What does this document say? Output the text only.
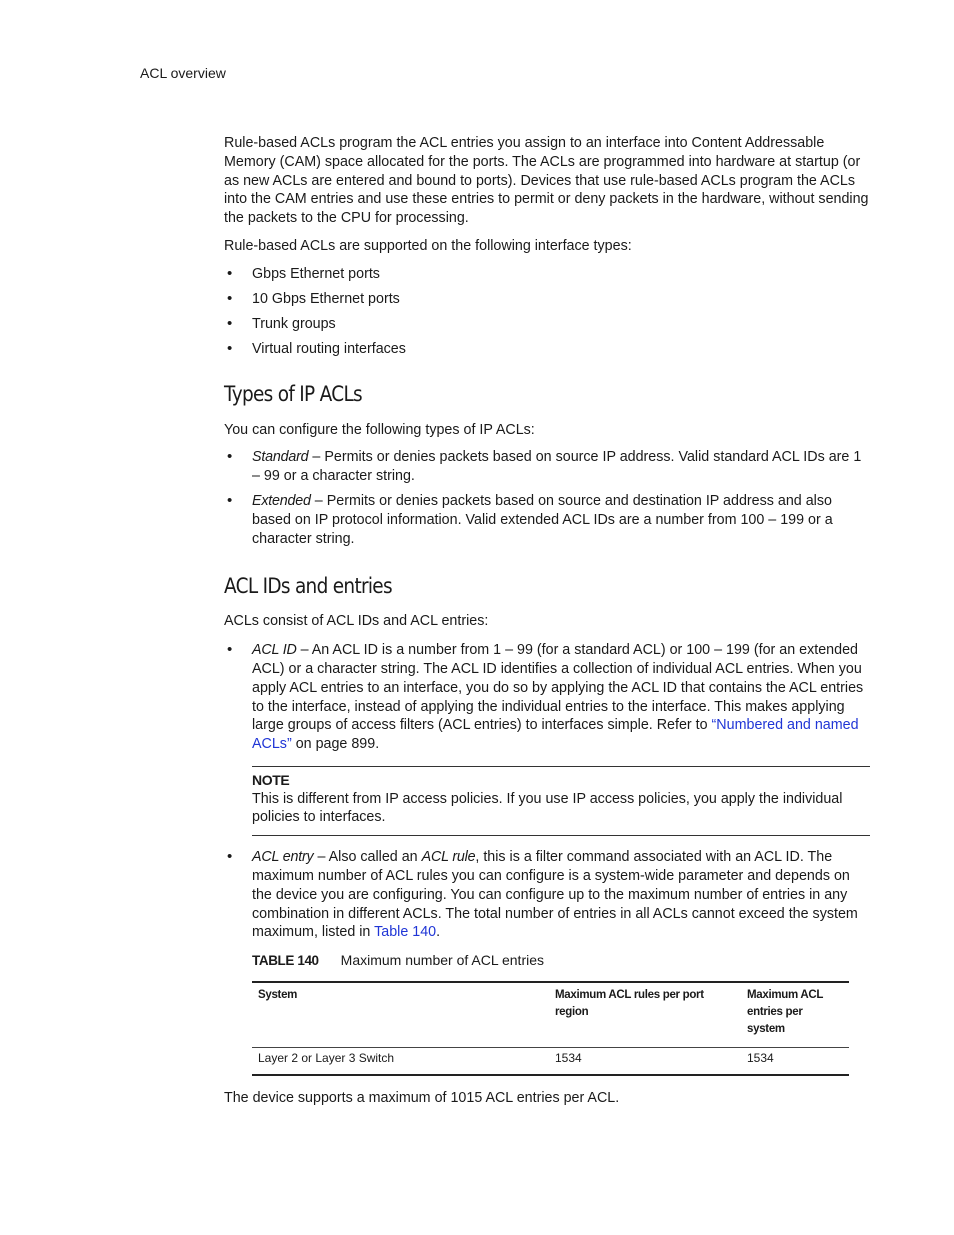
ACL overview

Rule-based ACLs program the ACL entries you assign to an interface into Content Addressable Memory (CAM) space allocated for the ports. The ACLs are programmed into hardware at startup (or as new ACLs are entered and bound to ports). Devices that use rule-based ACLs program the ACLs into the CAM entries and use these entries to permit or deny packets in the hardware, without sending the packets to the CPU for processing.

Rule-based ACLs are supported on the following interface types:

• Gbps Ethernet ports
• 10 Gbps Ethernet ports
• Trunk groups
• Virtual routing interfaces
Types of IP ACLs

You can configure the following types of IP ACLs:

• Standard – Permits or denies packets based on source IP address. Valid standard ACL IDs are 1 – 99 or a character string.
• Extended – Permits or denies packets based on source and destination IP address and also based on IP protocol information. Valid extended ACL IDs are a number from 100 – 199 or a character string.
ACL IDs and entries

ACLs consist of ACL IDs and ACL entries:

• ACL ID – An ACL ID is a number from 1 – 99 (for a standard ACL) or 100 – 199 (for an extended ACL) or a character string. The ACL ID identifies a collection of individual ACL entries. When you apply ACL entries to an interface, you do so by applying the ACL ID that contains the ACL entries to the interface, instead of applying the individual entries to the interface. This makes applying large groups of access filters (ACL entries) to interfaces simple. Refer to “Numbered and named ACLs” on page 899.
NOTE
This is different from IP access policies. If you use IP access policies, you apply the individual policies to interfaces.
• ACL entry – Also called an ACL rule, this is a filter command associated with an ACL ID. The maximum number of ACL rules you can configure is a system-wide parameter and depends on the device you are configuring. You can configure up to the maximum number of entries in any combination in different ACLs. The total number of entries in all ACLs cannot exceed the system maximum, listed in Table 140.
TABLE 140 Maximum number of ACL entries
System	Maximum ACL rules per port region	Maximum ACL entries per system
Layer 2 or Layer 3 Switch	1534	1534

The device supports a maximum of 1015 ACL entries per ACL.
